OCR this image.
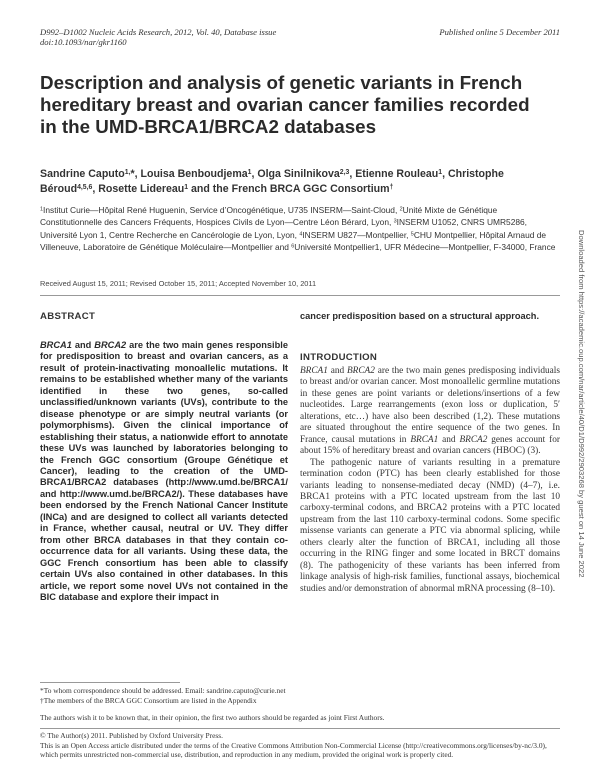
D992–D1002 Nucleic Acids Research, 2012, Vol. 40, Database issue
doi:10.1093/nar/gkr1160
Published online 5 December 2011
Description and analysis of genetic variants in French hereditary breast and ovarian cancer families recorded in the UMD-BRCA1/BRCA2 databases
Sandrine Caputo$^{1,}$*, Louisa Benboudjema$^1$, Olga Sinilnikova$^{2,3}$, Etienne Rouleau$^1$, Christophe Béroud$^{4,5,6}$, Rosette Lidereau$^1$ and the French BRCA GGC Consortium†
$^1$Institut Curie—Hôpital René Huguenin, Service d’Oncogénétique, U735 INSERM—Saint-Cloud, $^2$Unité Mixte de Génétique Constitutionnelle des Cancers Fréquents, Hospices Civils de Lyon—Centre Léon Bérard, Lyon, $^3$INSERM U1052, CNRS UMR5286, Université Lyon 1, Centre Recherche en Cancérologie de Lyon, Lyon, $^4$INSERM U827—Montpellier, $^5$CHU Montpellier, Hôpital Arnaud de Villeneuve, Laboratoire de Génétique Moléculaire—Montpellier and $^6$Université Montpellier1, UFR Médecine—Montpellier, F-34000, France
Received August 15, 2011; Revised October 15, 2011; Accepted November 10, 2011
ABSTRACT
BRCA1 and BRCA2 are the two main genes responsible for predisposition to breast and ovarian cancers, as a result of protein-inactivating monoallelic mutations. It remains to be established whether many of the variants identified in these two genes, so-called unclassified/unknown variants (UVs), contribute to the disease phenotype or are simply neutral variants (or polymorphisms). Given the clinical importance of establishing their status, a nationwide effort to annotate these UVs was launched by laboratories belonging to the French GGC consortium (Groupe Génétique et Cancer), leading to the creation of the UMD-BRCA1/BRCA2 databases (http://www.umd.be/BRCA1/ and http://www.umd.be/BRCA2/). These databases have been endorsed by the French National Cancer Institute (INCa) and are designed to collect all variants detected in France, whether causal, neutral or UV. They differ from other BRCA databases in that they contain co-occurrence data for all variants. Using these data, the GGC French consortium has been able to classify certain UVs also contained in other databases. In this article, we report some novel UVs not contained in the BIC database and explore their impact in
cancer predisposition based on a structural approach.
INTRODUCTION

BRCA1 and BRCA2 are the two main genes predisposing individuals to breast and/or ovarian cancer. Most monoallelic germline mutations in these genes are point variants or deletions/insertions of a few nucleotides. Large rearrangements (exon loss or duplication, 5′ alterations, etc…) have also been described (1,2). These mutations are situated throughout the entire sequence of the two genes. In France, causal mutations in BRCA1 and BRCA2 genes account for about 15% of hereditary breast and ovarian cancers (HBOC) (3).

The pathogenic nature of variants resulting in a premature termination codon (PTC) has been clearly established for those variants leading to nonsense-mediated decay (NMD) (4–7), i.e. BRCA1 proteins with a PTC located upstream from the last 10 carboxy-terminal codons, and BRCA2 proteins with a PTC located upstream from the last 110 carboxy-terminal codons. Some specific missense variants can generate a PTC via abnormal splicing, while others clearly alter the function of BRCA1, including all those occurring in the RING finger and some located in BRCT domains (8). The pathogenicity of these variants has been inferred from linkage analysis of high-risk families, functional assays, biochemical studies and/or demonstration of abnormal mRNA processing (8–10).

*To whom correspondence should be addressed. Email: sandrine.caputo@curie.net
†The members of the BRCA GGC Consortium are listed in the Appendix
The authors wish it to be known that, in their opinion, the first two authors should be regarded as joint First Authors.
© The Author(s) 2011. Published by Oxford University Press.
This is an Open Access article distributed under the terms of the Creative Commons Attribution Non-Commercial License (http://creativecommons.org/licenses/by-nc/3.0), which permits unrestricted non-commercial use, distribution, and reproduction in any medium, provided the original work is properly cited.
Downloaded from https://academic.oup.com/nar/article/40/D1/D992/2903268 by guest on 14 June 2022
